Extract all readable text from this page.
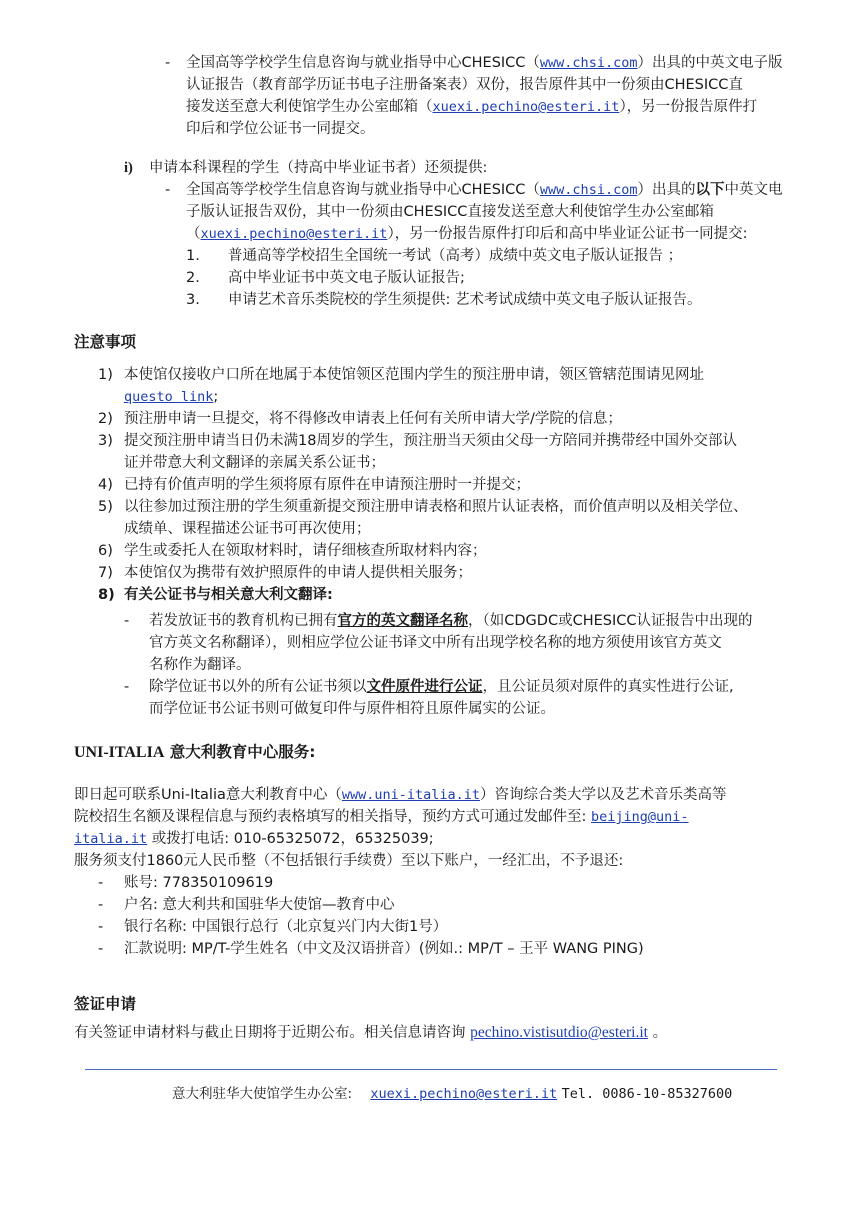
- 全国高等学校学生信息咨询与就业指导中心CHESICC（www.chsi.com）出具的中英文电子版
认证报告（教育部学历证书电子注册备案表）双份，报告原件其中一份须由CHESICC直
接发送至意大利使馆学生办公室邮箱（xuexi.pechino@esteri.it），另一份报告原件打
印后和学位公证书一同提交。
i)	申请本科课程的学生（持高中毕业证书者）还须提供:
- 全国高等学校学生信息咨询与就业指导中心CHESICC（www.chsi.com）出具的以下中英文电
子版认证报告双份，其中一份须由CHESICC直接发送至意大利使馆学生办公室邮箱
（xuexi.pechino@esteri.it），另一份报告原件打印后和高中毕业证公证书一同提交:
1. 普通高等学校招生全国统一考试（高考）成绩中英文电子版认证报告 ；
2. 高中毕业证书中英文电子版认证报告;
3. 申请艺术音乐类院校的学生须提供: 艺术考试成绩中英文电子版认证报告。
注意事项
1) 本使馆仅接收户口所在地属于本使馆领区范围内学生的预注册申请，领区管辖范围请见网址
questo link;
2) 预注册申请一旦提交，将不得修改申请表上任何有关所申请大学/学院的信息；
3) 提交预注册申请当日仍未满18周岁的学生，预注册当天须由父母一方陪同并携带经中国外交部认
证并带意大利文翻译的亲属关系公证书；
4) 已持有价值声明的学生须将原有原件在申请预注册时一并提交；
5) 以往参加过预注册的学生须重新提交预注册申请表格和照片认证表格，而价值声明以及相关学位、
成绩单、课程描述公证书可再次使用；
6) 学生或委托人在领取材料时，请仔细核查所取材料内容；
7) 本使馆仅为携带有效护照原件的申请人提供相关服务；
8) 有关公证书与相关意大利文翻译:
- 若发放证书的教育机构已拥有官方的英文翻译名称，（如CDGDC或CHESICC认证报告中出现的
官方英文名称翻译），则相应学位公证书译文中所有出现学校名称的地方须使用该官方英文
名称作为翻译。
- 除学位证书以外的所有公证书须以文件原件进行公证，且公证员须对原件的真实性进行公证,
而学位证书公证书则可做复印件与原件相符且原件属实的公证。
UNI-ITALIA 意大利教育中心服务:
即日起可联系Uni-Italia意大利教育中心（www.uni-italia.it）咨询综合类大学以及艺术音乐类高等
院校招生名额及课程信息与预约表格填写的相关指导，预约方式可通过发邮件至: beijing@uni-
italia.it 或拨打电话: 010-65325072，65325039;
服务须支付1860元人民币整（不包括银行手续费）至以下账户，一经汇出，不予退还:
- 账号: 778350109619
- 户名: 意大利共和国驻华大使馆—教育中心
- 银行名称: 中国银行总行（北京复兴门内大街1号）
- 汇款说明: MP/T-学生姓名（中文及汉语拼音）(例如.: MP/T – 王平 WANG PING)
签证申请
有关签证申请材料与截止日期将于近期公布。相关信息请咨询 pechino.vistisutdio@esteri.it 。
意大利驻华大使馆学生办公室: xuexi.pechino@esteri.it Tel. 0086-10-85327600
